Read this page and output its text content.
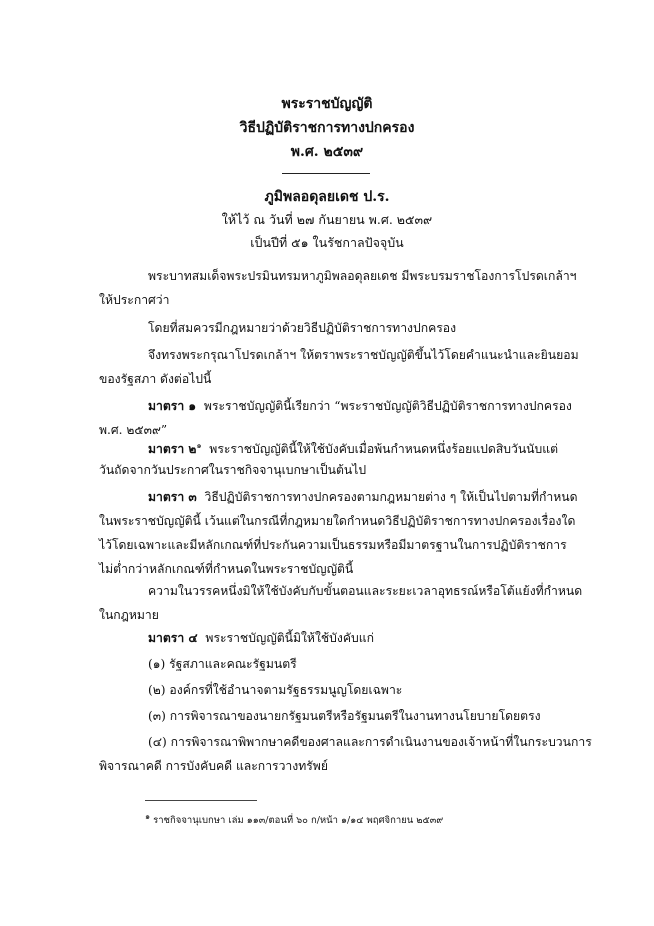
พระราชบัญญัติ
วิธีปฏิบัติราชการทางปกครอง
พ.ศ. ๒๕๓๙
ภูมิพลอดุลยเดช ป.ร.
ให้ไว้ ณ วันที่ ๒๗ กันยายน พ.ศ. ๒๕๓๙
เป็นปีที่ ๕๑ ในรัชกาลปัจจุบัน
พระบาทสมเด็จพระปรมินทรมหาภูมิพลอดุลยเดช มีพระบรมราชโองการโปรดเกล้าฯ
ให้ประกาศว่า
โดยที่สมควรมีกฎหมายว่าด้วยวิธีปฏิบัติราชการทางปกครอง
จึงทรงพระกรุณาโปรดเกล้าฯ ให้ตราพระราชบัญญัติขึ้นไว้โดยคำแนะนำและยินยอม
ของรัฐสภา ดังต่อไปนี้
มาตรา ๑ พระราชบัญญัตินี้เรียกว่า “พระราชบัญญัติวิธีปฏิบัติราชการทางปกครอง
พ.ศ. ๒๕๓๙”
มาตรา ๒$^๑$ พระราชบัญญัตินี้ให้ใช้บังคับเมื่อพ้นกำหนดหนึ่งร้อยแปดสิบวันนับแต่
วันถัดจากวันประกาศในราชกิจจานุเบกษาเป็นต้นไป
มาตรา ๓ วิธีปฏิบัติราชการทางปกครองตามกฎหมายต่าง ๆ ให้เป็นไปตามที่กำหนด
ในพระราชบัญญัตินี้ เว้นแต่ในกรณีที่กฎหมายใดกำหนดวิธีปฏิบัติราชการทางปกครองเรื่องใด
ไว้โดยเฉพาะและมีหลักเกณฑ์ที่ประกันความเป็นธรรมหรือมีมาตรฐานในการปฏิบัติราชการ
ไม่ต่ำกว่าหลักเกณฑ์ที่กำหนดในพระราชบัญญัตินี้
ความในวรรคหนึ่งมิให้ใช้บังคับกับขั้นตอนและระยะเวลาอุทธรณ์หรือโต้แย้งที่กำหนด
ในกฎหมาย
มาตรา ๔ พระราชบัญญัตินี้มิให้ใช้บังคับแก่
(๑) รัฐสภาและคณะรัฐมนตรี
(๒) องค์กรที่ใช้อำนาจตามรัฐธรรมนูญโดยเฉพาะ
(๓) การพิจารณาของนายกรัฐมนตรีหรือรัฐมนตรีในงานทางนโยบายโดยตรง
(๔) การพิจารณาพิพากษาคดีของศาลและการดำเนินงานของเจ้าหน้าที่ในกระบวนการ
พิจารณาคดี การบังคับคดี และการวางทรัพย์
$^๑$ ราชกิจจานุเบกษา เล่ม ๑๑๓/ตอนที่ ๖๐ ก/หน้า ๑/๑๔ พฤศจิกายน ๒๕๓๙
